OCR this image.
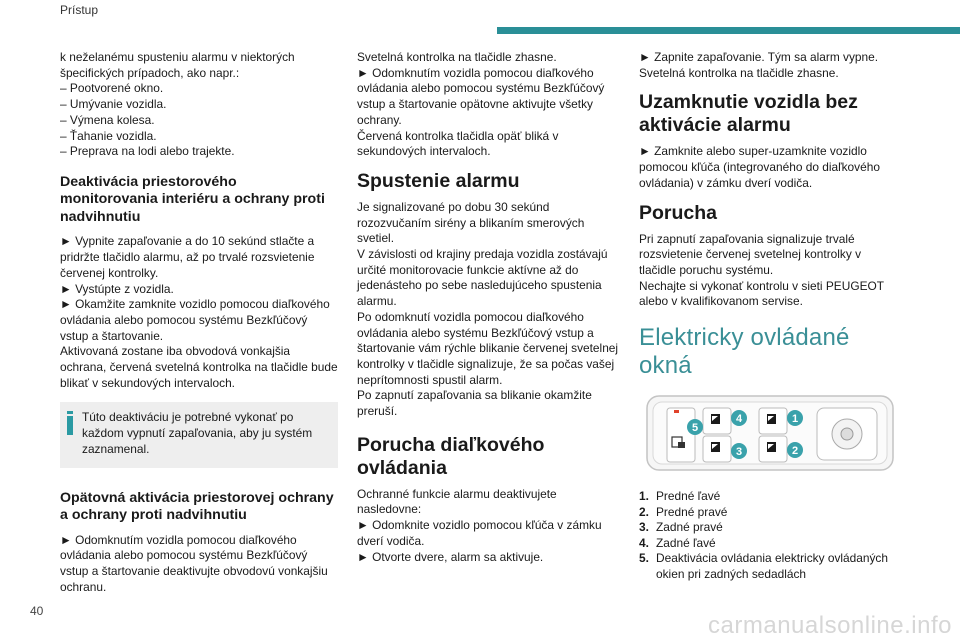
Prístup

k neželanému spusteniu alarmu v niektorých špecifických prípadoch, ako napr.:
– Pootvorené okno.
– Umývanie vozidla.
– Výmena kolesa.
– Ťahanie vozidla.
– Preprava na lodi alebo trajekte.

Deaktivácia priestorového monitorovania interiéru a ochrany proti nadvihnutiu

► Vypnite zapaľovanie a do 10 sekúnd stlačte a pridržte tlačidlo alarmu, až po trvalé rozsvietenie červenej kontrolky.
► Vystúpte z vozidla.
► Okamžite zamknite vozidlo pomocou diaľkového ovládania alebo pomocou systému Bezkľúčový vstup a štartovanie.
Aktivovaná zostane iba obvodová vonkajšia ochrana, červená svetelná kontrolka na tlačidle bude blikať v sekundových intervaloch.

Túto deaktiváciu je potrebné vykonať po každom vypnutí zapaľovania, aby ju systém zaznamenal.

Opätovná aktivácia priestorovej ochrany a ochrany proti nadvihnutiu

► Odomknutím vozidla pomocou diaľkového ovládania alebo pomocou systému Bezkľúčový vstup a štartovanie deaktivujte obvodovú vonkajšiu ochranu.

Svetelná kontrolka na tlačidle zhasne.
► Odomknutím vozidla pomocou diaľkového ovládania alebo pomocou systému Bezkľúčový vstup a štartovanie opätovne aktivujte všetky ochrany.
Červená kontrolka tlačidla opäť bliká v sekundových intervaloch.

Spustenie alarmu

Je signalizované po dobu 30 sekúnd rozozvučaním sirény a blikaním smerových svetiel.
V závislosti od krajiny predaja vozidla zostávajú určité monitorovacie funkcie aktívne až do jedenásteho po sebe nasledujúceho spustenia alarmu.
Po odomknutí vozidla pomocou diaľkového ovládania alebo systému Bezkľúčový vstup a štartovanie vám rýchle blikanie červenej svetelnej kontrolky v tlačidle signalizuje, že sa počas vašej neprítomnosti spustil alarm.
Po zapnutí zapaľovania sa blikanie okamžite preruší.

Porucha diaľkového ovládania

Ochranné funkcie alarmu deaktivujete nasledovne:
► Odomknite vozidlo pomocou kľúča v zámku dverí vodiča.
► Otvorte dvere, alarm sa aktivuje.

► Zapnite zapaľovanie. Tým sa alarm vypne. Svetelná kontrolka na tlačidle zhasne.

Uzamknutie vozidla bez aktivácie alarmu

► Zamknite alebo super-uzamknite vozidlo pomocou kľúča (integrovaného do diaľkového ovládania) v zámku dverí vodiča.

Porucha

Pri zapnutí zapaľovania signalizuje trvalé rozsvietenie červenej svetelnej kontrolky v tlačidle poruchu systému.
Nechajte si vykonať kontrolu v sieti PEUGEOT alebo v kvalifikovanom servise.

Elektricky ovládané okná
1
2
3
4
5
1. Predné ľavé
2. Predné pravé
3. Zadné pravé
4. Zadné ľavé
5. Deaktivácia ovládania elektricky ovládaných okien pri zadných sedadlách
40
carmanualsonline.info
